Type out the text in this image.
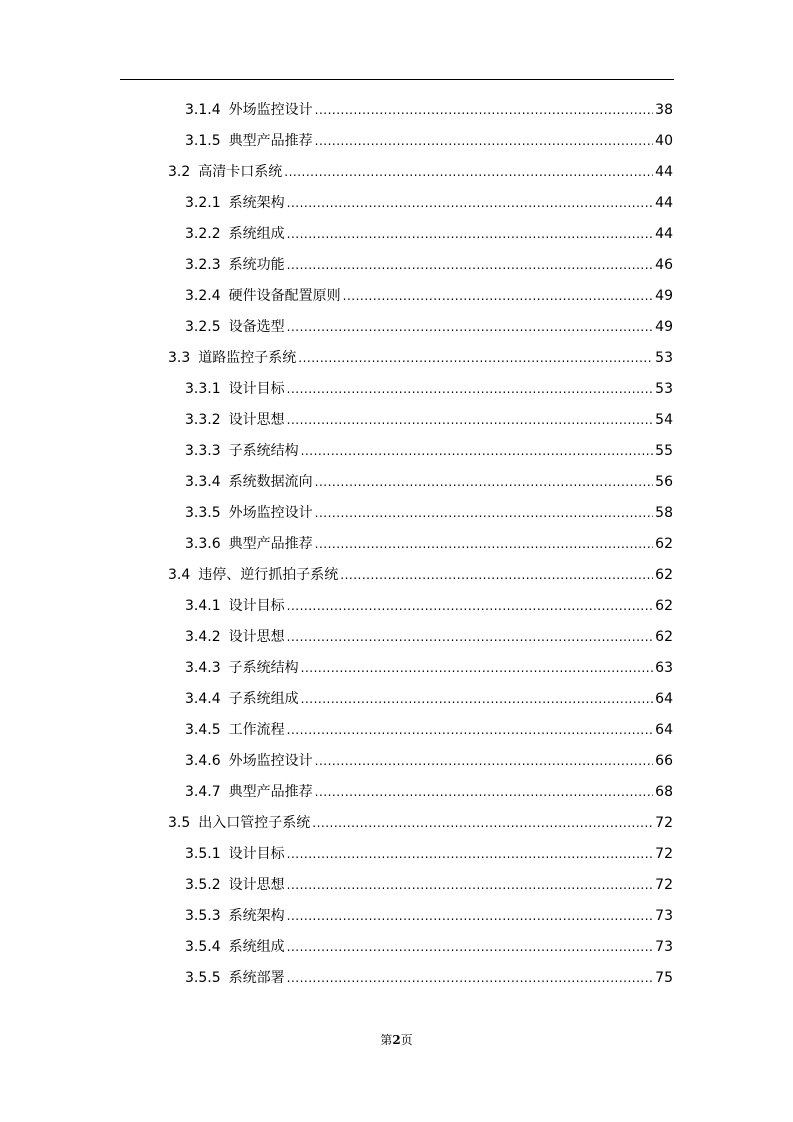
3.1.4 外场监控设计 .....	38
3.1.5 典型产品推荐 .....	40
3.2 高清卡口系统 .....	44
3.2.1 系统架构 .....	44
3.2.2 系统组成 .....	44
3.2.3 系统功能 .....	46
3.2.4 硬件设备配置原则 .....	49
3.2.5 设备选型 .....	49
3.3 道路监控子系统 .....	53
3.3.1 设计目标 .....	53
3.3.2 设计思想 .....	54
3.3.3 子系统结构 .....	55
3.3.4 系统数据流向 .....	56
3.3.5 外场监控设计 .....	58
3.3.6 典型产品推荐 .....	62
3.4 违停、逆行抓拍子系统 .....	62
3.4.1 设计目标 .....	62
3.4.2 设计思想 .....	62
3.4.3 子系统结构 .....	63
3.4.4 子系统组成 .....	64
3.4.5 工作流程 .....	64
3.4.6 外场监控设计 .....	66
3.4.7 典型产品推荐 .....	68
3.5 出入口管控子系统 .....	72
3.5.1 设计目标 .....	72
3.5.2 设计思想 .....	72
3.5.3 系统架构 .....	73
3.5.4 系统组成 .....	73
3.5.5 系统部署 .....	75
第2页
